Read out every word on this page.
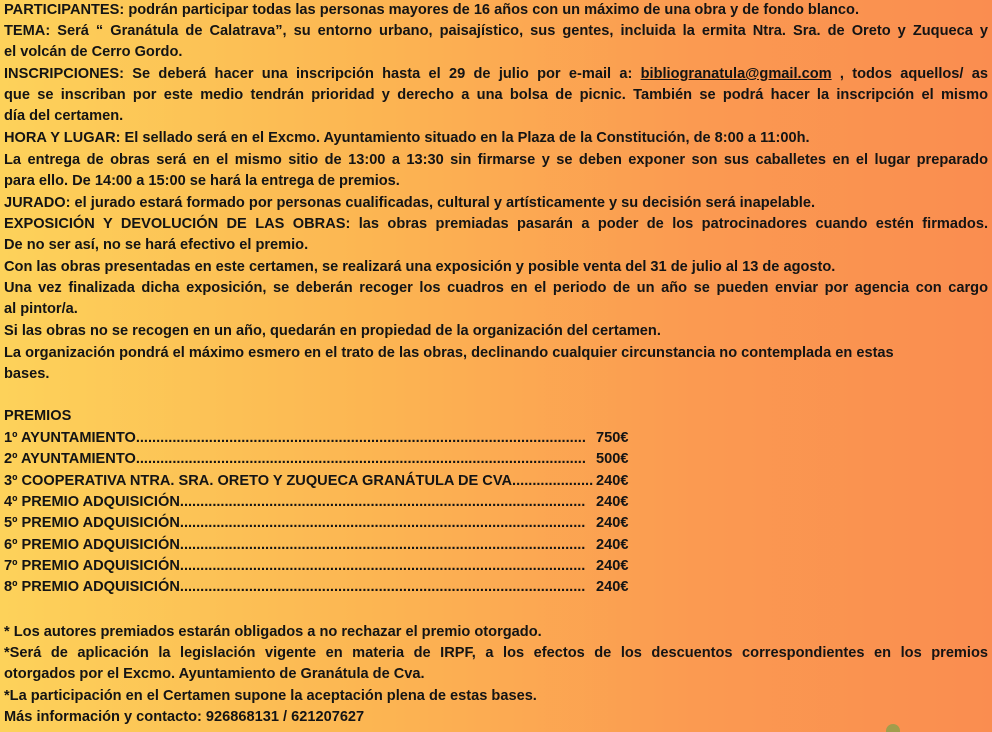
PARTICIPANTES: podrán participar todas las personas mayores de 16 años con un máximo de una obra y de fondo blanco.
TEMA: Será “ Granátula de Calatrava”, su entorno urbano, paisajístico, sus gentes, incluida la ermita Ntra. Sra. de Oreto y Zuqueca y
el volcán de Cerro Gordo.
INSCRIPCIONES: Se deberá hacer una inscripción hasta el 29 de julio por e-mail a: bibliogranatula@gmail.com , todos aquellos/ as
que se inscriban por este medio tendrán prioridad y derecho a una bolsa de picnic. También se podrá hacer la inscripción el mismo
día del certamen.
HORA Y LUGAR: El sellado será en el Excmo. Ayuntamiento situado en la Plaza de la Constitución, de 8:00 a 11:00h.
La entrega de obras será en el mismo sitio de 13:00 a 13:30 sin firmarse y se deben exponer son sus caballetes en el lugar preparado
para ello. De 14:00 a 15:00 se hará la entrega de premios.
JURADO: el jurado estará formado por personas cualificadas, cultural y artísticamente y su decisión será inapelable.
EXPOSICIÓN Y DEVOLUCIÓN DE LAS OBRAS: las obras premiadas pasarán a poder de los patrocinadores cuando estén firmados.
De no ser así, no se hará efectivo el premio.
Con las obras presentadas en este certamen, se realizará una exposición y posible venta del 31 de julio al 13 de agosto.
Una vez finalizada dicha exposición, se deberán recoger los cuadros en el periodo de un año se pueden enviar por agencia con cargo
al pintor/a.
Si las obras no se recogen en un año, quedarán en propiedad de la organización del certamen.
La organización pondrá el máximo esmero en el trato de las obras, declinando cualquier circunstancia no contemplada en estas
bases.
PREMIOS
1º AYUNTAMIENTO............................................................................................................... 750€
2º AYUNTAMIENTO............................................................................................................... 500€
3º COOPERATIVA NTRA. SRA. ORETO Y ZUQUECA GRANÁTULA DE CVA.................... 240€
4º PREMIO ADQUISICIÓN.................................................................................................... 240€
5º PREMIO ADQUISICIÓN.................................................................................................... 240€
6º PREMIO ADQUISICIÓN.................................................................................................... 240€
7º PREMIO ADQUISICIÓN.................................................................................................... 240€
8º PREMIO ADQUISICIÓN.................................................................................................... 240€
* Los autores premiados estarán obligados a no rechazar el premio otorgado.
*Será de aplicación la legislación vigente en materia de IRPF, a los efectos de los descuentos correspondientes en los premios
otorgados por el Excmo. Ayuntamiento de Granátula de Cva.
*La participación en el Certamen supone la aceptación plena de estas bases.
Más información y contacto: 926868131 / 621207627
